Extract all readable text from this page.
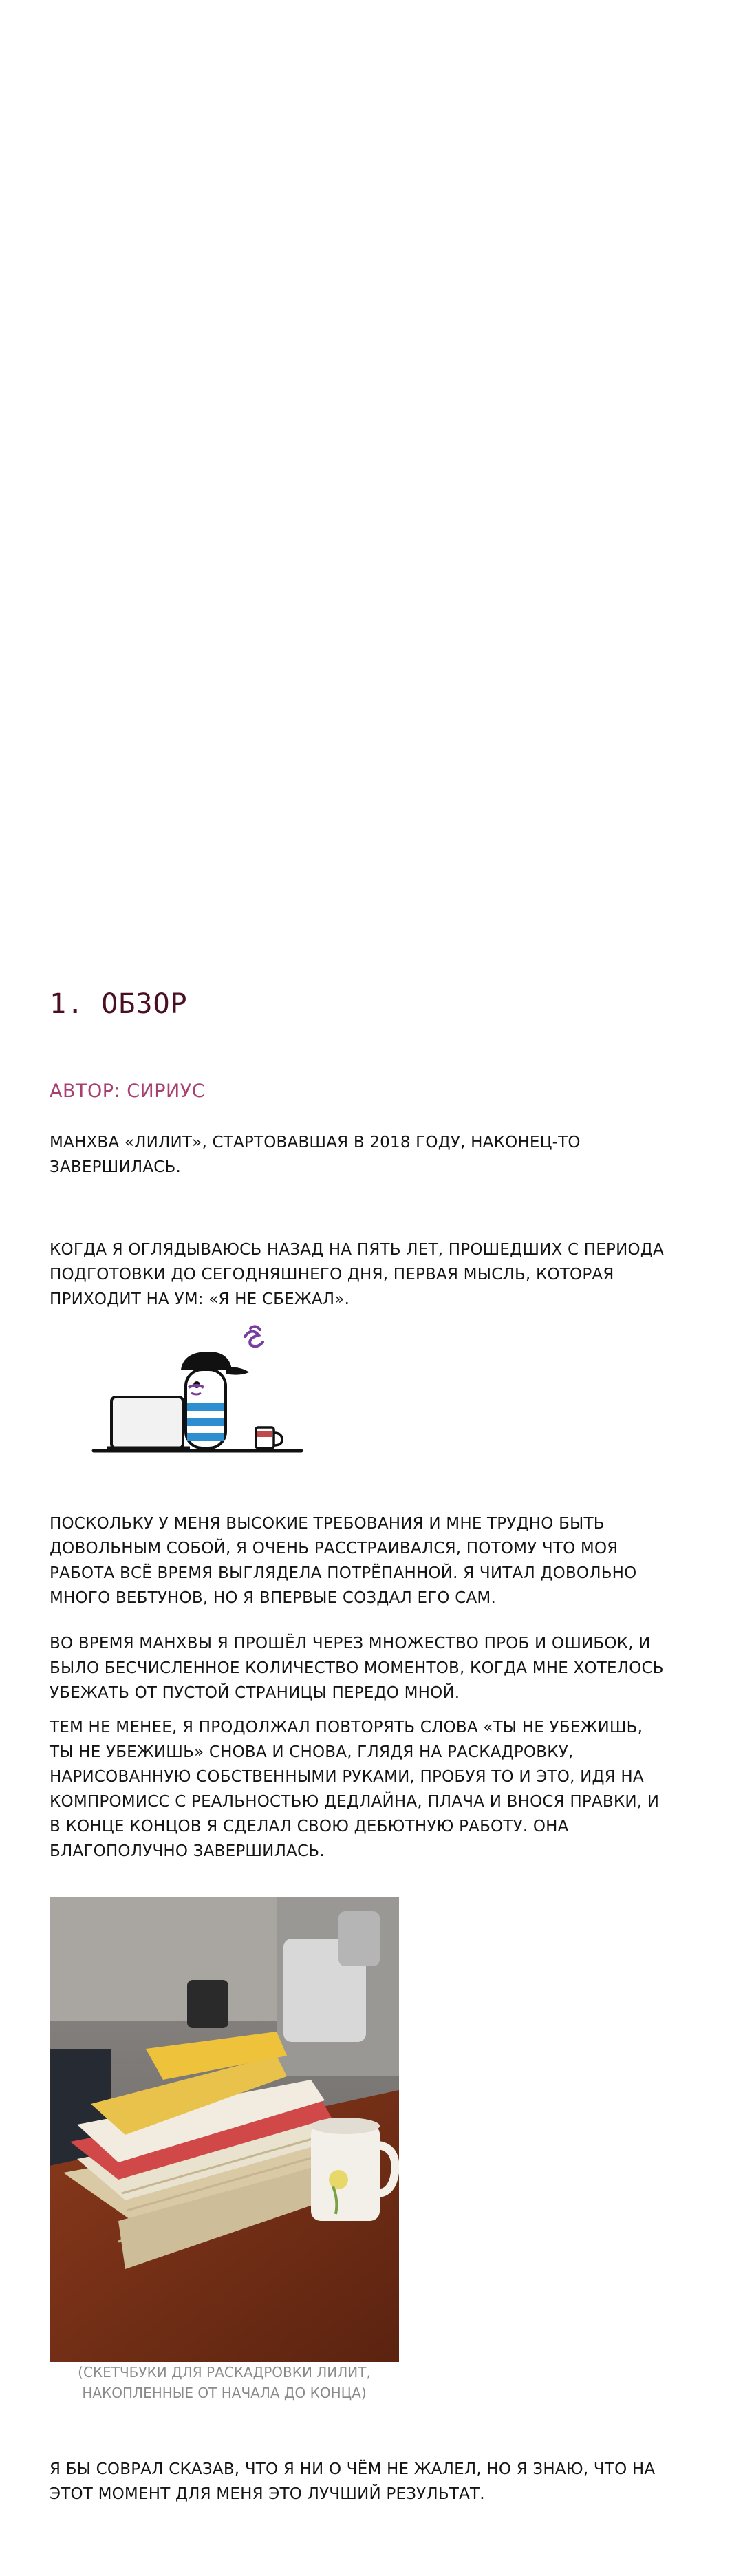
1. ОБЗОР
АВТОР: СИРИУС

МАНХВА «ЛИЛИТ», СТАРТОВАВШАЯ В 2018 ГОДУ, НАКОНЕЦ-ТО ЗАВЕРШИЛАСЬ.

КОГДА Я ОГЛЯДЫВАЮСЬ НАЗАД НА ПЯТЬ ЛЕТ, ПРОШЕДШИХ С ПЕРИОДА ПОДГОТОВКИ ДО СЕГОДНЯШНЕГО ДНЯ, ПЕРВАЯ МЫСЛЬ, КОТОРАЯ ПРИХОДИТ НА УМ: «Я НЕ СБЕЖАЛ».

ПОСКОЛЬКУ У МЕНЯ ВЫСОКИЕ ТРЕБОВАНИЯ И МНЕ ТРУДНО БЫТЬ ДОВОЛЬНЫМ СОБОЙ, Я ОЧЕНЬ РАССТРАИВАЛСЯ, ПОТОМУ ЧТО МОЯ РАБОТА ВСЁ ВРЕМЯ ВЫГЛЯДЕЛА ПОТРЁПАННОЙ. Я ЧИТАЛ ДОВОЛЬНО МНОГО ВЕБТУНОВ, НО Я ВПЕРВЫЕ СОЗДАЛ ЕГО САМ.

ВО ВРЕМЯ МАНХВЫ Я ПРОШЁЛ ЧЕРЕЗ МНОЖЕСТВО ПРОБ И ОШИБОК, И БЫЛО БЕСЧИСЛЕННОЕ КОЛИЧЕСТВО МОМЕНТОВ, КОГДА МНЕ ХОТЕЛОСЬ УБЕЖАТЬ ОТ ПУСТОЙ СТРАНИЦЫ ПЕРЕДО МНОЙ.

ТЕМ НЕ МЕНЕЕ, Я ПРОДОЛЖАЛ ПОВТОРЯТЬ СЛОВА «ТЫ НЕ УБЕЖИШЬ, ТЫ НЕ УБЕЖИШЬ» СНОВА И СНОВА, ГЛЯДЯ НА РАСКАДРОВКУ, НАРИСОВАННУЮ СОБСТВЕННЫМИ РУКАМИ, ПРОБУЯ ТО И ЭТО, ИДЯ НА КОМПРОМИСС С РЕАЛЬНОСТЬЮ ДЕДЛАЙНА, ПЛАЧА И ВНОСЯ ПРАВКИ, И В КОНЦЕ КОНЦОВ Я СДЕЛАЛ СВОЮ ДЕБЮТНУЮ РАБОТУ. ОНА БЛАГОПОЛУЧНО ЗАВЕРШИЛАСЬ.

(СКЕТЧБУКИ ДЛЯ РАСКАДРОВКИ ЛИЛИТ,
НАКОПЛЕННЫЕ ОТ НАЧАЛА ДО КОНЦА)

Я БЫ СОВРАЛ СКАЗАВ, ЧТО Я НИ О ЧЁМ НЕ ЖАЛЕЛ, НО Я ЗНАЮ, ЧТО НА ЭТОТ МОМЕНТ ДЛЯ МЕНЯ ЭТО ЛУЧШИЙ РЕЗУЛЬТАТ.
